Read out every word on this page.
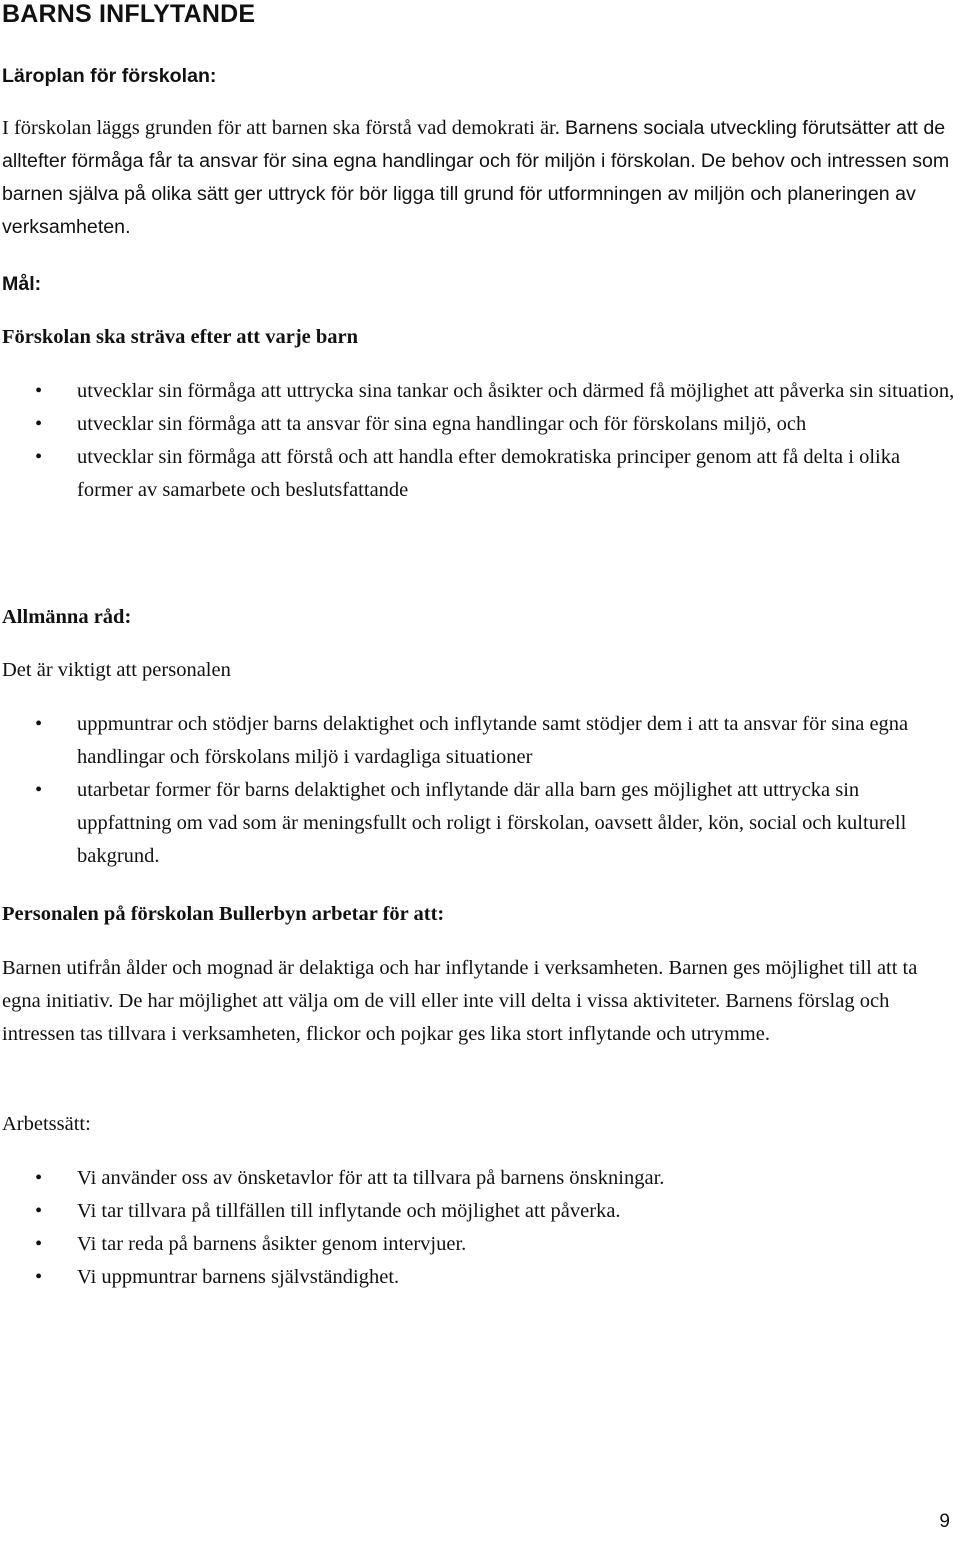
BARNS INFLYTANDE
Läroplan för förskolan:

I förskolan läggs grunden för att barnen ska förstå vad demokrati är. Barnens sociala utveckling förutsätter att de alltefter förmåga får ta ansvar för sina egna handlingar och för miljön i förskolan. De behov och intressen som barnen själva på olika sätt ger uttryck för bör ligga till grund för utformningen av miljön och planeringen av verksamheten.

Mål:
Förskolan ska sträva efter att varje barn
• utvecklar sin förmåga att uttrycka sina tankar och åsikter och därmed få möjlighet att påverka sin situation,
• utvecklar sin förmåga att ta ansvar för sina egna handlingar och för förskolans miljö, och
• utvecklar sin förmåga att förstå och att handla efter demokratiska principer genom att få delta i olika former av samarbete och beslutsfattande
Allmänna råd:
Det är viktigt att personalen
• uppmuntrar och stödjer barns delaktighet och inflytande samt stödjer dem i att ta ansvar för sina egna handlingar och förskolans miljö i vardagliga situationer
• utarbetar former för barns delaktighet och inflytande där alla barn ges möjlighet att uttrycka sin uppfattning om vad som är meningsfullt och roligt i förskolan, oavsett ålder, kön, social och kulturell bakgrund.
Personalen på förskolan Bullerbyn arbetar för att:

Barnen utifrån ålder och mognad är delaktiga och har inflytande i verksamheten. Barnen ges möjlighet till att ta egna initiativ. De har möjlighet att välja om de vill eller inte vill delta i vissa aktiviteter. Barnens förslag och intressen tas tillvara i verksamheten, flickor och pojkar ges lika stort inflytande och utrymme.

Arbetssätt:
• Vi använder oss av önsketavlor för att ta tillvara på barnens önskningar.
• Vi tar tillvara på tillfällen till inflytande och möjlighet att påverka.
• Vi tar reda på barnens åsikter genom intervjuer.
• Vi uppmuntrar barnens självständighet.
9
